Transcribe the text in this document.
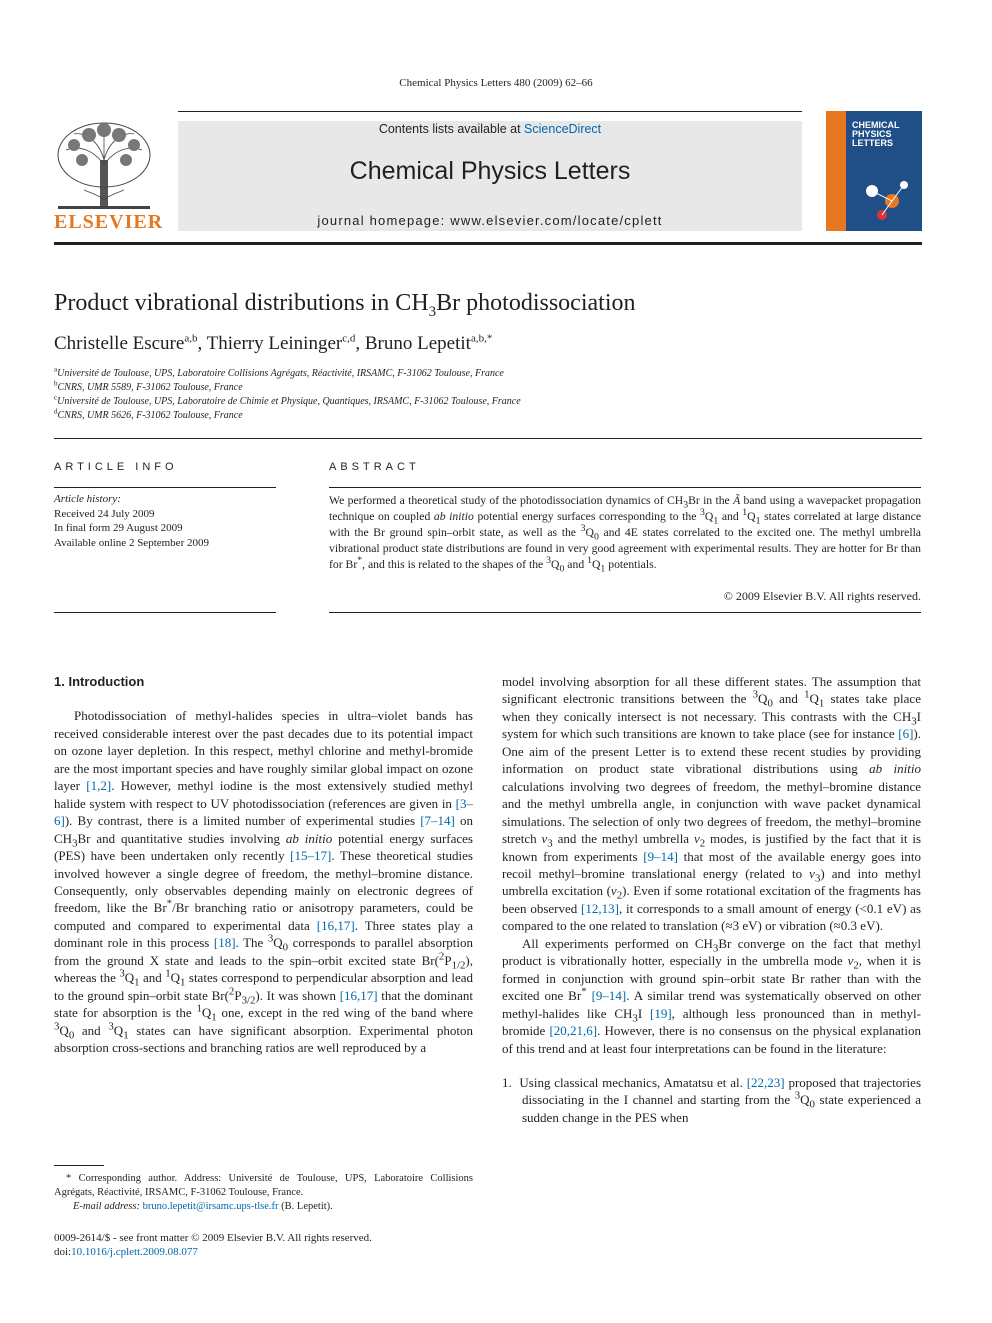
Chemical Physics Letters 480 (2009) 62–66
ELSEVIER
Contents lists available at ScienceDirect
Chemical Physics Letters
journal homepage: www.elsevier.com/locate/cplett
CHEMICAL
PHYSICS
LETTERS
Product vibrational distributions in $CH_3Br$ photodissociation
Christelle Escure$^{a,b}$, Thierry Leininger$^{c,d}$, Bruno Lepetit$^{a,b,*}$
$^a$Université de Toulouse, UPS, Laboratoire Collisions Agrégats, Réactivité, IRSAMC, F-31062 Toulouse, France
$^b$CNRS, UMR 5589, F-31062 Toulouse, France
$^c$Université de Toulouse, UPS, Laboratoire de Chimie et Physique, Quantiques, IRSAMC, F-31062 Toulouse, France
$^d$CNRS, UMR 5626, F-31062 Toulouse, France
ARTICLE INFO	ABSTRACT
Article history:
Received 24 July 2009
In final form 29 August 2009
Available online 2 September 2009
We performed a theoretical study of the photodissociation dynamics of $CH_3Br$ in the Ã band using a wavepacket propagation technique on coupled ab initio potential energy surfaces corresponding to the $^3Q_1$ and $^1Q_1$ states correlated at large distance with the Br ground spin–orbit state, as well as the $^3Q_0$ and 4E states correlated to the excited one. The methyl umbrella vibrational product state distributions are found in very good agreement with experimental results. They are hotter for Br than for Br*, and this is related to the shapes of the $^3Q_0$ and $^1Q_1$ potentials.
© 2009 Elsevier B.V. All rights reserved.
1. Introduction

Photodissociation of methyl-halides species in ultra–violet bands has received considerable interest over the past decades due to its potential impact on ozone layer depletion. In this respect, methyl chlorine and methyl-bromide are the most important species and have roughly similar global impact on ozone layer [1,2]. However, methyl iodine is the most extensively studied methyl halide system with respect to UV photodissociation (references are given in [3–6]). By contrast, there is a limited number of experimental studies [7–14] on $CH_3Br$ and quantitative studies involving ab initio potential energy surfaces (PES) have been undertaken only recently [15–17]. These theoretical studies involved however a single degree of freedom, the methyl–bromine distance. Consequently, only observables depending mainly on electronic degrees of freedom, like the Br*/Br branching ratio or anisotropy parameters, could be computed and compared to experimental data [16,17]. Three states play a dominant role in this process [18]. The $^3Q_0$ corresponds to parallel absorption from the ground X state and leads to the spin–orbit excited state $Br(^2P_{1/2})$, whereas the $^3Q_1$ and $^1Q_1$ states correspond to perpendicular absorption and lead to the ground spin–orbit state $Br(^2P_{3/2})$. It was shown [16,17] that the dominant state for absorption is the $^1Q_1$ one, except in the red wing of the band where $^3Q_0$ and $^3Q_1$ states can have significant absorption. Experimental photon absorption cross-sections and branching ratios are well reproduced by a

model involving absorption for all these different states. The assumption that significant electronic transitions between the $^3Q_0$ and $^1Q_1$ states take place when they conically intersect is not necessary. This contrasts with the $CH_3I$ system for which such transitions are known to take place (see for instance [6]). One aim of the present Letter is to extend these recent studies by providing information on product state vibrational distributions using ab initio calculations involving two degrees of freedom, the methyl–bromine distance and the methyl umbrella angle, in conjunction with wave packet dynamical simulations. The selection of only two degrees of freedom, the methyl–bromine stretch $\nu_3$ and the methyl umbrella $\nu_2$ modes, is justified by the fact that it is known from experiments [9–14] that most of the available energy goes into recoil methyl–bromine translational energy (related to $\nu_3$) and into methyl umbrella excitation $(\nu_2)$. Even if some rotational excitation of the fragments has been observed [12,13], it corresponds to a small amount of energy (<0.1 eV) as compared to the one related to translation (≈3 eV) or vibration (≈0.3 eV).

All experiments performed on $CH_3Br$ converge on the fact that methyl product is vibrationally hotter, especially in the umbrella mode $\nu_2$, when it is formed in conjunction with ground spin–orbit state Br rather than with the excited one Br* [9–14]. A similar trend was systematically observed on other methyl-halides like $CH_3I$ [19], although less pronounced than in methyl-bromide [20,21,6]. However, there is no consensus on the physical explanation of this trend and at least four interpretations can be found in the literature:

1.  Using classical mechanics, Amatatsu et al. [22,23] proposed that trajectories dissociating in the I channel and starting from the $^3Q_0$ state experienced a sudden change in the PES when

* Corresponding author. Address: Université de Toulouse, UPS, Laboratoire Collisions Agrégats, Réactivité, IRSAMC, F-31062 Toulouse, France.
E-mail address: bruno.lepetit@irsamc.ups-tlse.fr (B. Lepetit).
0009-2614/$ - see front matter © 2009 Elsevier B.V. All rights reserved.
doi:10.1016/j.cplett.2009.08.077
